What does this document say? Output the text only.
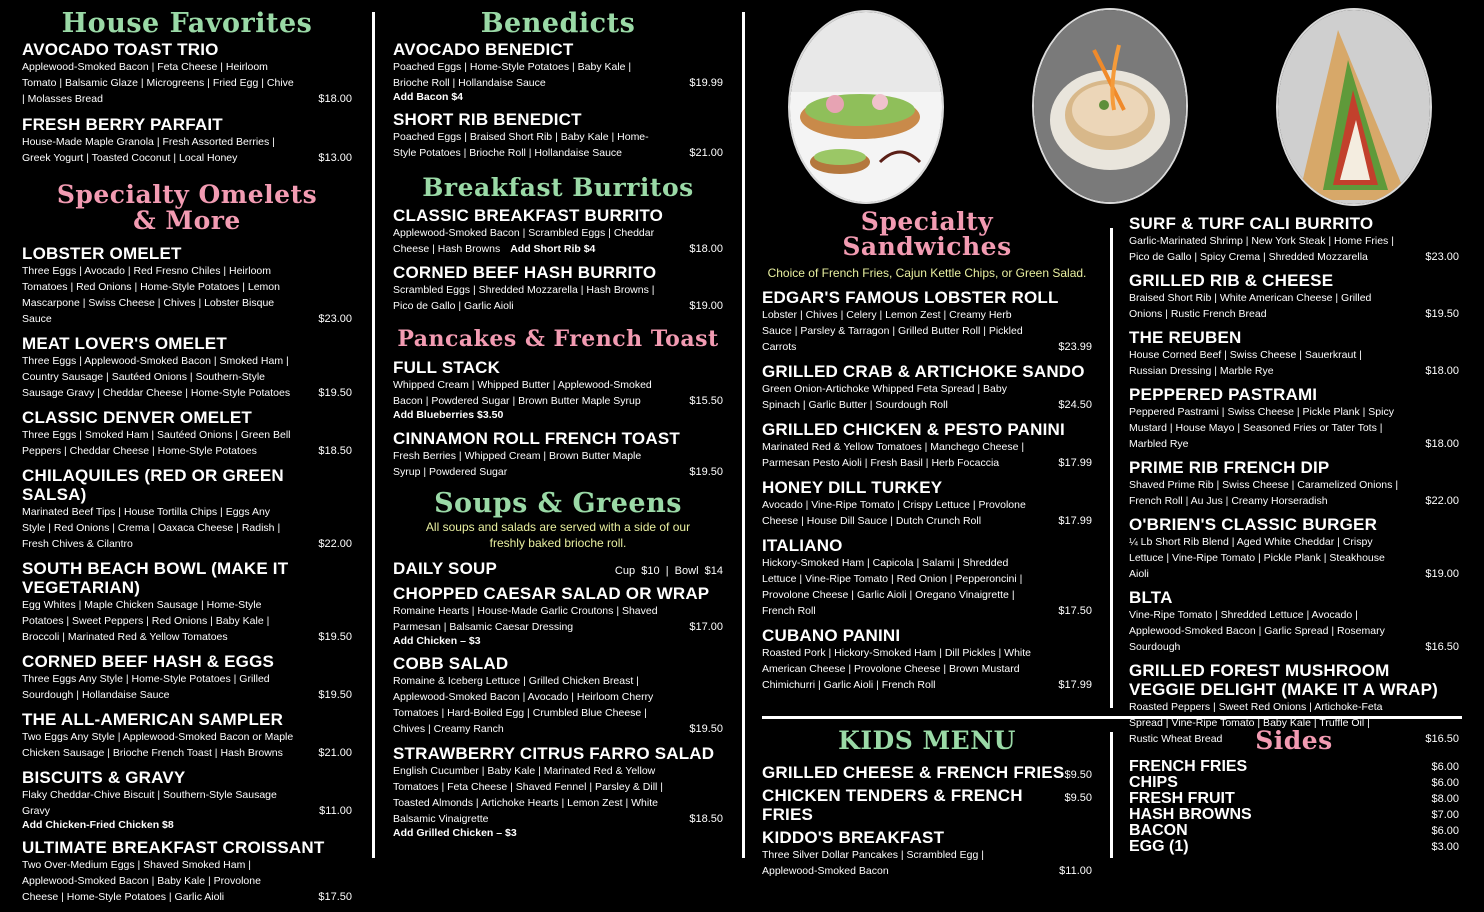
House Favorites
AVOCADO TOAST TRIO
Applewood-Smoked Bacon | Feta Cheese | Heirloom Tomato | Balsamic Glaze | Microgreens | Fried Egg | Chive | Molasses Bread	$18.00
FRESH BERRY PARFAIT
House-Made Maple Granola | Fresh Assorted Berries | Greek Yogurt | Toasted Coconut | Local Honey	$13.00
Specialty Omelets
& More
LOBSTER OMELET
Three Eggs | Avocado | Red Fresno Chiles | Heirloom Tomatoes | Red Onions | Home-Style Potatoes | Lemon Mascarpone | Swiss Cheese | Chives | Lobster Bisque Sauce	$23.00
MEAT LOVER'S OMELET
Three Eggs | Applewood-Smoked Bacon | Smoked Ham | Country Sausage | Sautéed Onions | Southern-Style Sausage Gravy | Cheddar Cheese | Home-Style Potatoes	$19.50
CLASSIC DENVER OMELET
Three Eggs | Smoked Ham | Sautéed Onions | Green Bell Peppers | Cheddar Cheese | Home-Style Potatoes	$18.50
CHILAQUILES (RED OR GREEN SALSA)
Marinated Beef Tips | House Tortilla Chips | Eggs Any Style | Red Onions | Crema | Oaxaca Cheese | Radish | Fresh Chives & Cilantro	$22.00
SOUTH BEACH BOWL (MAKE IT VEGETARIAN)
Egg Whites | Maple Chicken Sausage | Home-Style Potatoes | Sweet Peppers | Red Onions | Baby Kale | Broccoli | Marinated Red & Yellow Tomatoes	$19.50
CORNED BEEF HASH & EGGS
Three Eggs Any Style | Home-Style Potatoes | Grilled Sourdough | Hollandaise Sauce	$19.50
THE ALL-AMERICAN SAMPLER
Two Eggs Any Style | Applewood-Smoked Bacon or Maple Chicken Sausage | Brioche French Toast | Hash Browns	$21.00
BISCUITS & GRAVY
Flaky Cheddar-Chive Biscuit | Southern-Style Sausage Gravy	$11.00
Add Chicken-Fried Chicken $8
ULTIMATE BREAKFAST CROISSANT
Two Over-Medium Eggs | Shaved Smoked Ham | Applewood-Smoked Bacon | Baby Kale | Provolone Cheese | Home-Style Potatoes | Garlic Aioli	$17.50
Benedicts
AVOCADO BENEDICT
Poached Eggs | Home-Style Potatoes | Baby Kale | Brioche Roll | Hollandaise Sauce	$19.99
Add Bacon $4
SHORT RIB BENEDICT
Poached Eggs | Braised Short Rib | Baby Kale | Home-Style Potatoes | Brioche Roll | Hollandaise Sauce	$21.00
Breakfast Burritos
CLASSIC BREAKFAST BURRITO
Applewood-Smoked Bacon | Scrambled Eggs | Cheddar Cheese | Hash Browns Add Short Rib $4	$18.00
CORNED BEEF HASH BURRITO
Scrambled Eggs | Shredded Mozzarella | Hash Browns | Pico de Gallo | Garlic Aioli	$19.00
Pancakes & French Toast
FULL STACK
Whipped Cream | Whipped Butter | Applewood-Smoked Bacon | Powdered Sugar | Brown Butter Maple Syrup	$15.50
Add Blueberries $3.50
CINNAMON ROLL FRENCH TOAST
Fresh Berries | Whipped Cream | Brown Butter Maple Syrup | Powdered Sugar	$19.50
Soups & Greens
All soups and salads are served with a side of our freshly baked brioche roll.
DAILY SOUP	Cup $10  |  Bowl $14
CHOPPED CAESAR SALAD OR WRAP
Romaine Hearts | House-Made Garlic Croutons | Shaved Parmesan | Balsamic Caesar Dressing	$17.00
Add Chicken – $3
COBB SALAD
Romaine & Iceberg Lettuce | Grilled Chicken Breast | Applewood-Smoked Bacon | Avocado | Heirloom Cherry Tomatoes | Hard-Boiled Egg | Crumbled Blue Cheese | Chives | Creamy Ranch	$19.50
STRAWBERRY CITRUS FARRO SALAD
English Cucumber | Baby Kale | Marinated Red & Yellow Tomatoes | Feta Cheese | Shaved Fennel | Parsley & Dill | Toasted Almonds | Artichoke Hearts | Lemon Zest | White Balsamic Vinaigrette	$18.50
Add Grilled Chicken – $3
Specialty
Sandwiches
Choice of French Fries, Cajun Kettle Chips, or Green Salad.
EDGAR'S FAMOUS LOBSTER ROLL
Lobster | Chives | Celery | Lemon Zest | Creamy Herb Sauce | Parsley & Tarragon | Grilled Butter Roll | Pickled Carrots	$23.99
GRILLED CRAB & ARTICHOKE SANDO
Green Onion-Artichoke Whipped Feta Spread | Baby Spinach | Garlic Butter | Sourdough Roll	$24.50
GRILLED CHICKEN & PESTO PANINI
Marinated Red & Yellow Tomatoes | Manchego Cheese | Parmesan Pesto Aioli | Fresh Basil | Herb Focaccia	$17.99
HONEY DILL TURKEY
Avocado | Vine-Ripe Tomato | Crispy Lettuce | Provolone Cheese | House Dill Sauce | Dutch Crunch Roll	$17.99
ITALIANO
Hickory-Smoked Ham | Capicola | Salami | Shredded Lettuce | Vine-Ripe Tomato | Red Onion | Pepperoncini | Provolone Cheese | Garlic Aioli | Oregano Vinaigrette | French Roll	$17.50
CUBANO PANINI
Roasted Pork | Hickory-Smoked Ham | Dill Pickles | White American Cheese | Provolone Cheese | Brown Mustard Chimichurri | Garlic Aioli | French Roll	$17.99
KIDS MENU
GRILLED CHEESE & FRENCH FRIES $9.50
CHICKEN TENDERS & FRENCH FRIES
$9.50
KIDDO'S BREAKFAST
Three Silver Dollar Pancakes | Scrambled Egg | Applewood-Smoked Bacon	$11.00
SURF & TURF CALI BURRITO
Garlic-Marinated Shrimp | New York Steak | Home Fries | Pico de Gallo | Spicy Crema | Shredded Mozzarella	$23.00
GRILLED RIB & CHEESE
Braised Short Rib | White American Cheese | Grilled Onions | Rustic French Bread	$19.50
THE REUBEN
House Corned Beef | Swiss Cheese | Sauerkraut | Russian Dressing | Marble Rye	$18.00
PEPPERED PASTRAMI
Peppered Pastrami | Swiss Cheese | Pickle Plank | Spicy Mustard | House Mayo | Seasoned Fries or Tater Tots | Marbled Rye	$18.00
PRIME RIB FRENCH DIP
Shaved Prime Rib | Swiss Cheese | Caramelized Onions | French Roll | Au Jus | Creamy Horseradish	$22.00
O'BRIEN'S CLASSIC BURGER
¼ Lb Short Rib Blend | Aged White Cheddar | Crispy Lettuce | Vine-Ripe Tomato | Pickle Plank | Steakhouse Aioli	$19.00
BLTA
Vine-Ripe Tomato | Shredded Lettuce | Avocado | Applewood-Smoked Bacon | Garlic Spread | Rosemary Sourdough	$16.50
GRILLED FOREST MUSHROOM VEGGIE DELIGHT (MAKE IT A WRAP)
Roasted Peppers | Sweet Red Onions | Artichoke-Feta Spread | Vine-Ripe Tomato | Baby Kale | Truffle Oil | Rustic Wheat Bread	$16.50
Sides
FRENCH FRIES	$6.00
CHIPS	$6.00
FRESH FRUIT	$8.00
HASH BROWNS	$7.00
BACON	$6.00
EGG (1)	$3.00
